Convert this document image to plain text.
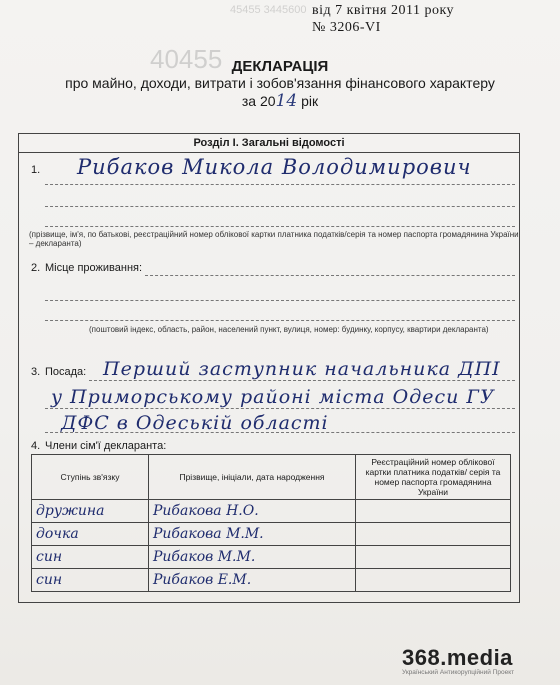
45455 3445600
40455
від 7 квітня 2011 року
№ 3206-VI
ДЕКЛАРАЦІЯ
про майно, доходи, витрати і зобов'язання фінансового характеру
за 2014 рік
Розділ І. Загальні відомості
1. Рибаков Микола Володимирович
(прізвище, ім'я, по батькові, реєстраційний номер облікової картки платника податків/серія та номер паспорта громадянина України – декларанта)
2. Місце проживання:
(поштовий індекс, область, район, населений пункт, вулиця, номер: будинку, корпусу, квартири декларанта)
3. Посада: Перший заступник начальника ДПІ
у Приморському районі міста Одеси ГУ
ДФС в Одеській області
4. Члени сім'ї декларанта:
Ступінь зв'язку	Прізвище, ініціали, дата народження	Реєстраційний номер облікової картки платника податків/ серія та номер паспорта громадянина України
дружина	Рибакова Н.О.	
дочка	Рибакова М.М.	
син	Рибаков М.М.	
син	Рибаков Е.М.	
368.media
Український Антикорупційний Проект
